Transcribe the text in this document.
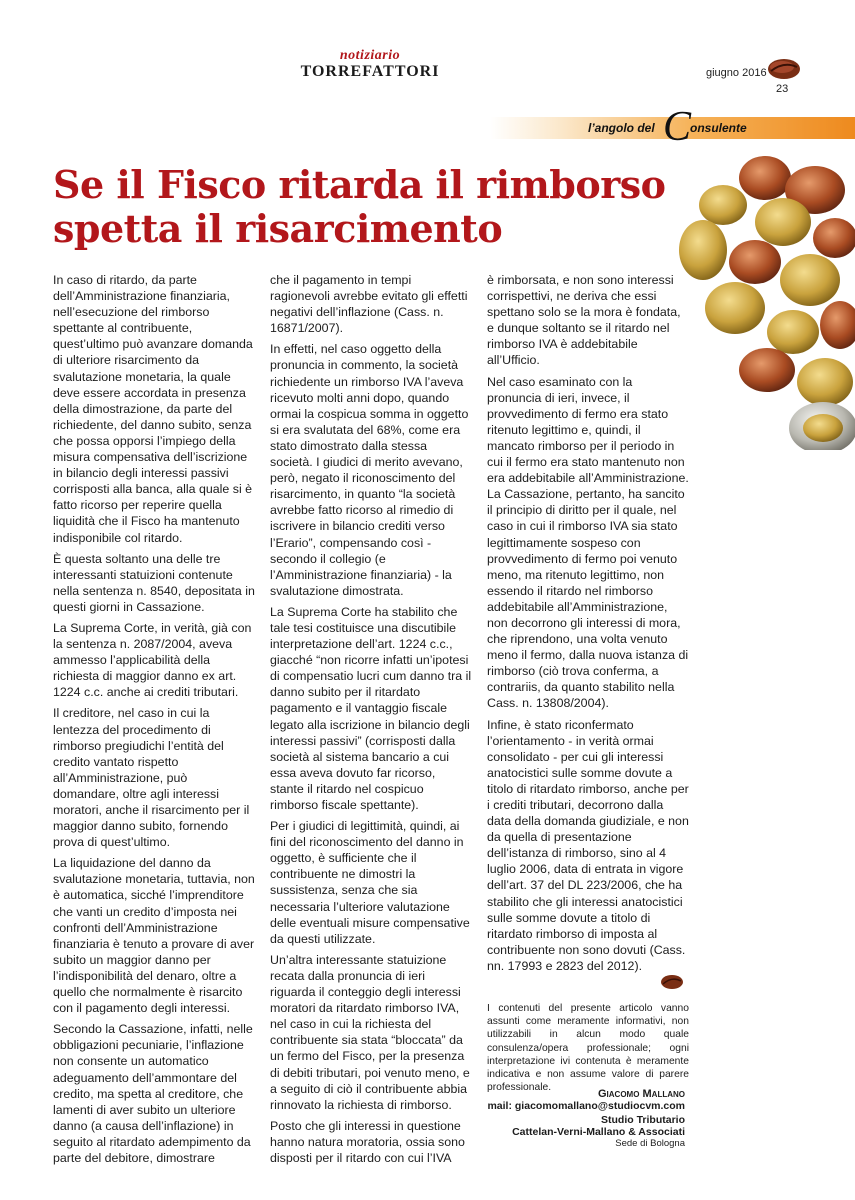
notiziario
TORREFATTORI	giugno 2016
23
l’angolo del C
onsulente
Se il Fisco ritarda il rimborso spetta il risarcimento

In caso di ritardo, da parte dell’Amministrazione finanziaria, nell’esecuzione del rimborso spettante al contribuente, quest’ultimo può avanzare domanda di ulteriore risarcimento da svalutazione monetaria, la quale deve essere accordata in presenza della dimostrazione, da parte del richiedente, del danno subito, senza che possa opporsi l’impiego della misura compensativa dell’iscrizione in bilancio degli interessi passivi corrisposti alla banca, alla quale si è fatto ricorso per reperire quella liquidità che il Fisco ha mantenuto indisponibile col ritardo.

È questa soltanto una delle tre interessanti statuizioni contenute nella sentenza n. 8540, depositata in questi giorni in Cassazione.

La Suprema Corte, in verità, già con la sentenza n. 2087/2004, aveva ammesso l’applicabilità della richiesta di maggior danno ex art. 1224 c.c. anche ai crediti tributari.

Il creditore, nel caso in cui la lentezza del procedimento di rimborso pregiudichi l’entità del credito vantato rispetto all’Amministrazione, può domandare, oltre agli interessi moratori, anche il risarcimento per il maggior danno subito, fornendo prova di quest’ultimo.

La liquidazione del danno da svalutazione monetaria, tuttavia, non è automatica, sicché l’imprenditore che vanti un credito d’imposta nei confronti dell’Amministrazione finanziaria è tenuto a provare di aver subito un maggior danno per l’indisponibilità del denaro, oltre a quello che normalmente è risarcito con il pagamento degli interessi.

Secondo la Cassazione, infatti, nelle obbligazioni pecuniarie, l’inflazione non consente un automatico adeguamento dell’ammontare del credito, ma spetta al creditore, che lamenti di aver subito un ulteriore danno (a causa dell’inflazione) in seguito al ritardato adempimento da parte del debitore, dimostrare

che il pagamento in tempi ragionevoli avrebbe evitato gli effetti negativi dell’inflazione (Cass. n. 16871/2007).

In effetti, nel caso oggetto della pronuncia in commento, la società richiedente un rimborso IVA l’aveva ricevuto molti anni dopo, quando ormai la cospicua somma in oggetto si era svalutata del 68%, come era stato dimostrato dalla stessa società. I giudici di merito avevano, però, negato il riconoscimento del risarcimento, in quanto “la società avrebbe fatto ricorso al rimedio di iscrivere in bilancio crediti verso l’Erario”, compensando così - secondo il collegio (e l’Amministrazione finanziaria) - la svalutazione dimostrata.

La Suprema Corte ha stabilito che tale tesi costituisce una discutibile interpretazione dell’art. 1224 c.c., giacché “non ricorre infatti un’ipotesi di compensatio lucri cum danno tra il danno subito per il ritardato pagamento e il vantaggio fiscale legato alla iscrizione in bilancio degli interessi passivi” (corrisposti dalla società al sistema bancario a cui essa aveva dovuto far ricorso, stante il ritardo nel cospicuo rimborso fiscale spettante).

Per i giudici di legittimità, quindi, ai fini del riconoscimento del danno in oggetto, è sufficiente che il contribuente ne dimostri la sussistenza, senza che sia necessaria l’ulteriore valutazione delle eventuali misure compensative da questi utilizzate.

Un’altra interessante statuizione recata dalla pronuncia di ieri riguarda il conteggio degli interessi moratori da ritardato rimborso IVA, nel caso in cui la richiesta del contribuente sia stata “bloccata” da un fermo del Fisco, per la presenza di debiti tributari, poi venuto meno, e a seguito di ciò il contribuente abbia rinnovato la richiesta di rimborso.

Posto che gli interessi in questione hanno natura moratoria, ossia sono disposti per il ritardo con cui l’IVA

è rimborsata, e non sono interessi corrispettivi, ne deriva che essi spettano solo se la mora è fondata, e dunque soltanto se il ritardo nel rimborso IVA è addebitabile all’Ufficio.

Nel caso esaminato con la pronuncia di ieri, invece, il provvedimento di fermo era stato ritenuto legittimo e, quindi, il mancato rimborso per il periodo in cui il fermo era stato mantenuto non era addebitabile all’Amministrazione. La Cassazione, pertanto, ha sancito il principio di diritto per il quale, nel caso in cui il rimborso IVA sia stato legittimamente sospeso con provvedimento di fermo poi venuto meno, ma ritenuto legittimo, non essendo il ritardo nel rimborso addebitabile all’Amministrazione, non decorrono gli interessi di mora, che riprendono, una volta venuto meno il fermo, dalla nuova istanza di rimborso (ciò trova conferma, a contrariis, da quanto stabilito nella Cass. n. 13808/2004).

Infine, è stato riconfermato l’orientamento - in verità ormai consolidato - per cui gli interessi anatocistici sulle somme dovute a titolo di ritardato rimborso, anche per i crediti tributari, decorrono dalla data della domanda giudiziale, e non da quella di presentazione dell’istanza di rimborso, sino al 4 luglio 2006, data di entrata in vigore dell’art. 37 del DL 223/2006, che ha stabilito che gli interessi anatocistici sulle somme dovute a titolo di ritardato rimborso di imposta al contribuente non sono dovuti (Cass. nn. 17993 e 2823 del 2012).

I contenuti del presente articolo vanno assunti come meramente informativi, non utilizzabili in alcun modo quale consulenza/opera professionale; ogni interpretazione ivi contenuta è meramente indicativa e non assume valore di parere professionale.

Giacomo Mallano
mail: giacomomallano@studiocvm.com
Studio Tributario
Cattelan-Verni-Mallano & Associati
Sede di Bologna
